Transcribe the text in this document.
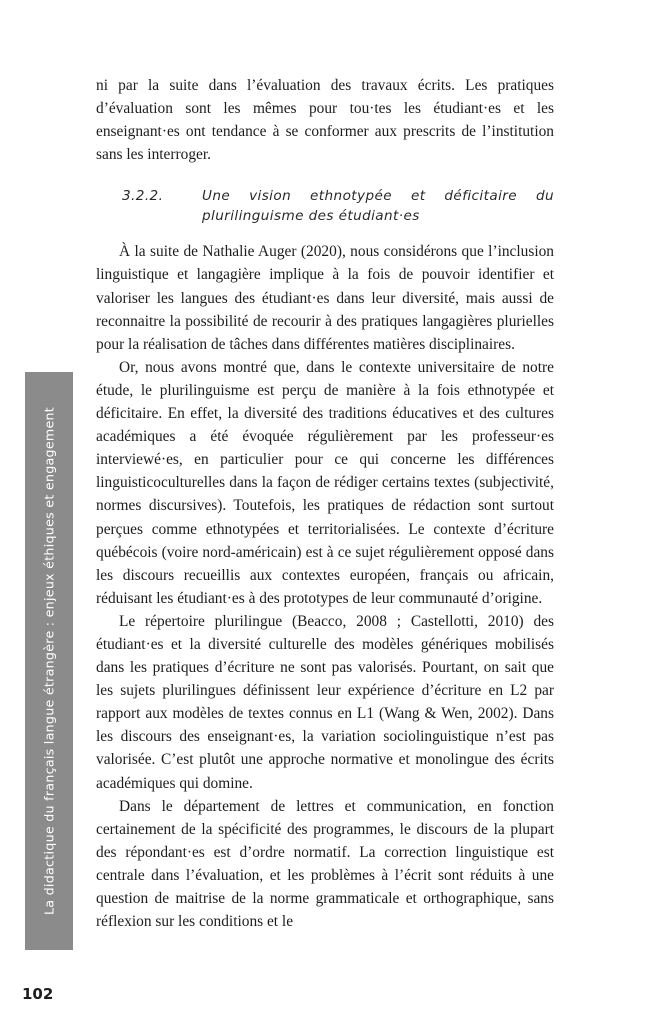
La didactique du français langue étrangère : enjeux éthiques et engagement

ni par la suite dans l’évaluation des travaux écrits. Les pratiques d’évaluation sont les mêmes pour tou·tes les étudiant·es et les enseignant·es ont tendance à se conformer aux prescrits de l’institution sans les interroger.

3.2.2.	Une vision ethnotypée et déficitaire du plurilinguisme des étudiant·es

À la suite de Nathalie Auger (2020), nous considérons que l’inclusion linguistique et langagière implique à la fois de pouvoir identifier et valoriser les langues des étudiant·es dans leur diversité, mais aussi de reconnaitre la possibilité de recourir à des pratiques langagières plurielles pour la réalisation de tâches dans différentes matières disciplinaires.

Or, nous avons montré que, dans le contexte universitaire de notre étude, le plurilinguisme est perçu de manière à la fois ethnotypée et déficitaire. En effet, la diversité des traditions éducatives et des cultures académiques a été évoquée régulièrement par les professeur·es interviewé·es, en particulier pour ce qui concerne les différences linguisticoculturelles dans la façon de rédiger certains textes (subjectivité, normes discursives). Toutefois, les pratiques de rédaction sont surtout perçues comme ethnotypées et territorialisées. Le contexte d’écriture québécois (voire nord-américain) est à ce sujet régulièrement opposé dans les discours recueillis aux contextes européen, français ou africain, réduisant les étudiant·es à des prototypes de leur communauté d’origine.

Le répertoire plurilingue (Beacco, 2008 ; Castellotti, 2010) des étudiant·es et la diversité culturelle des modèles génériques mobilisés dans les pratiques d’écriture ne sont pas valorisés. Pourtant, on sait que les sujets plurilingues définissent leur expérience d’écriture en L2 par rapport aux modèles de textes connus en L1 (Wang & Wen, 2002). Dans les discours des enseignant·es, la variation sociolinguistique n’est pas valorisée. C’est plutôt une approche normative et monolingue des écrits académiques qui domine.

Dans le département de lettres et communication, en fonction certainement de la spécificité des programmes, le discours de la plupart des répondant·es est d’ordre normatif. La correction linguistique est centrale dans l’évaluation, et les problèmes à l’écrit sont réduits à une question de maitrise de la norme grammaticale et orthographique, sans réflexion sur les conditions et le

102
